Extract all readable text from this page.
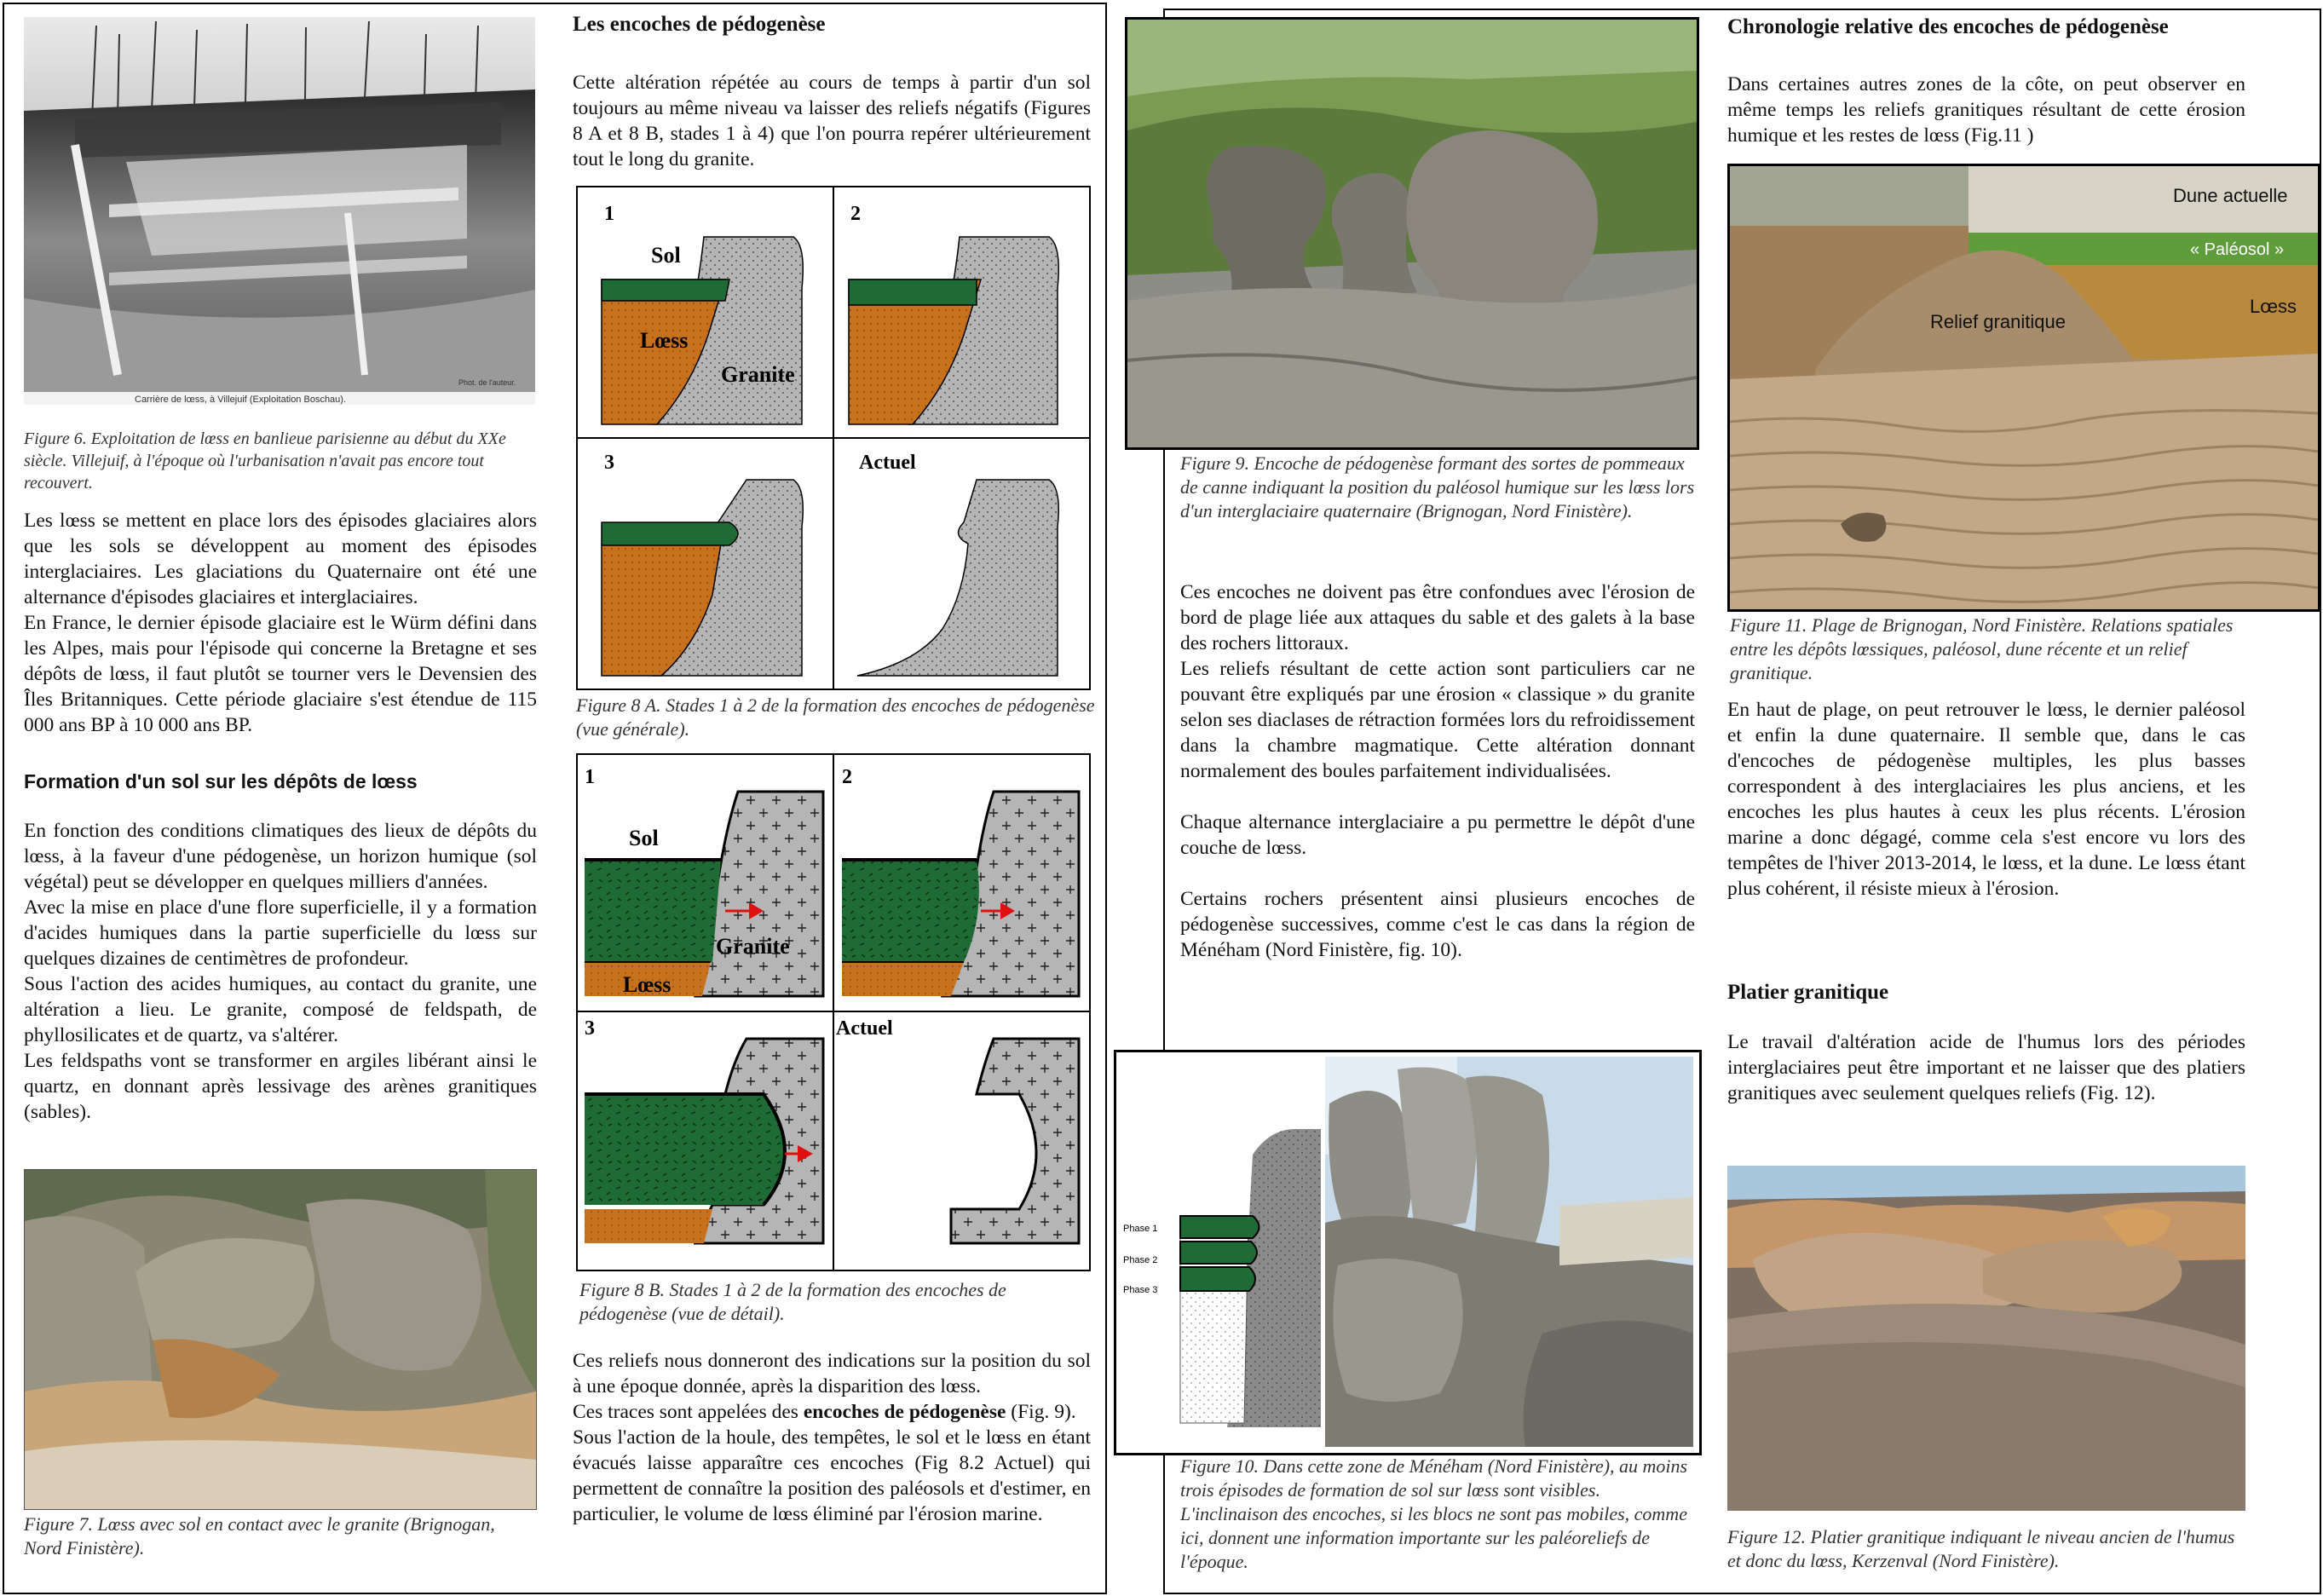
Carrière de lœss, à Villejuif (Exploitation Boschau).
Phot. de l'auteur.
Figure 6. Exploitation de lœss en banlieue parisienne au début du XXe siècle. Villejuif, à l'époque où l'urbanisation n'avait pas encore tout recouvert.

Les lœss se mettent en place lors des épisodes glaciaires alors que les sols se développent au moment des épisodes interglaciaires. Les glaciations du Quaternaire ont été une alternance d'épisodes glaciaires et interglaciaires.

En France, le dernier épisode glaciaire est le Würm défini dans les Alpes, mais pour l'épisode qui concerne la Bretagne et ses dépôts de lœss, il faut plutôt se tourner vers le Devensien des Îles Britanniques. Cette période glaciaire s'est étendue de 115 000 ans BP à 10 000 ans BP.

Formation d'un sol sur les dépôts de lœss

En fonction des conditions climatiques des lieux de dépôts du lœss, à la faveur d'une pédogenèse, un horizon humique (sol végétal) peut se développer en quelques milliers d'années.

Avec la mise en place d'une flore superficielle, il y a formation d'acides humiques dans la partie superficielle du lœss sur quelques dizaines de centimètres de profondeur.

Sous l'action des acides humiques, au contact du granite, une altération a lieu. Le granite, composé de feldspath, de phyllosilicates et de quartz, va s'altérer.

Les feldspaths vont se transformer en argiles libérant ainsi le quartz, en donnant après lessivage des arènes granitiques (sables).

Figure 7. Lœss avec sol en contact avec le granite (Brignogan, Nord Finistère).
Les encoches de pédogenèse
Cette altération répétée au cours de temps à partir d'un sol toujours au même niveau va laisser des reliefs négatifs (Figures 8 A et 8 B, stades 1 à 4) que l'on pourra repérer ultérieurement tout le long du granite.
1
Sol
Lœss
Granite
2
3	Actuel
Figure 8 A. Stades 1 à 2 de la formation des encoches de pédogenèse (vue générale).
1
Sol
Lœss
Granite
2
3	Actuel
Figure 8 B. Stades 1 à 2 de la formation des encoches de pédogenèse (vue de détail).

Ces reliefs nous donneront des indications sur la position du sol à une époque donnée, après la disparition des lœss.

Ces traces sont appelées des encoches de pédogenèse (Fig. 9).

Sous l'action de la houle, des tempêtes, le sol et le lœss en étant évacués laisse apparaître ces encoches (Fig 8.2 Actuel) qui permettent de connaître la position des paléosols et d'estimer, en particulier, le volume de lœss éliminé par l'érosion marine.

Figure 9. Encoche de pédogenèse formant des sortes de pommeaux de canne indiquant la position du paléosol humique sur les lœss lors d'un interglaciaire quaternaire (Brignogan, Nord Finistère).

Ces encoches ne doivent pas être confondues avec l'érosion de bord de plage liée aux attaques du sable et des galets à la base des rochers littoraux.

Les reliefs résultant de cette action sont particuliers car ne pouvant être expliqués par une érosion « classique » du granite selon ses diaclases de rétraction formées lors du refroidissement dans la chambre magmatique. Cette altération donnant normalement des boules parfaitement individualisées.

Chaque alternance interglaciaire a pu permettre le dépôt d'une couche de lœss.

Certains rochers présentent ainsi plusieurs encoches de pédogenèse successives, comme c'est le cas dans la région de Ménéham (Nord Finistère, fig. 10).

Phase 1
Phase 2
Phase 3
Figure 10. Dans cette zone de Ménéham (Nord Finistère), au moins trois épisodes de formation de sol sur lœss sont visibles. L'inclinaison des encoches, si les blocs ne sont pas mobiles, comme ici, donnent une information importante sur les paléoreliefs de l'époque.
Chronologie relative des encoches de pédogenèse
Dans certaines autres zones de la côte, on peut observer en même temps les reliefs granitiques résultant de cette érosion humique et les restes de lœss (Fig.11 )
Dune actuelle
« Paléosol »
Lœss
Relief granitique
Figure 11. Plage de Brignogan, Nord Finistère. Relations spatiales entre les dépôts lœssiques, paléosol, dune récente et un relief granitique.
En haut de plage, on peut retrouver le lœss, le dernier paléosol et enfin la dune quaternaire. Il semble que, dans le cas d'encoches de pédogenèse multiples, les plus basses correspondent à des interglaciaires les plus anciens, et les encoches les plus hautes à ceux les plus récents. L'érosion marine a donc dégagé, comme cela s'est encore vu lors des tempêtes de l'hiver 2013-2014, le lœss, et la dune. Le lœss étant plus cohérent, il résiste mieux à l'érosion.
Platier granitique
Le travail d'altération acide de l'humus lors des périodes interglaciaires peut être important et ne laisser que des platiers granitiques avec seulement quelques reliefs (Fig. 12).
Figure 12. Platier granitique indiquant le niveau ancien de l'humus et donc du lœss, Kerzenval (Nord Finistère).
